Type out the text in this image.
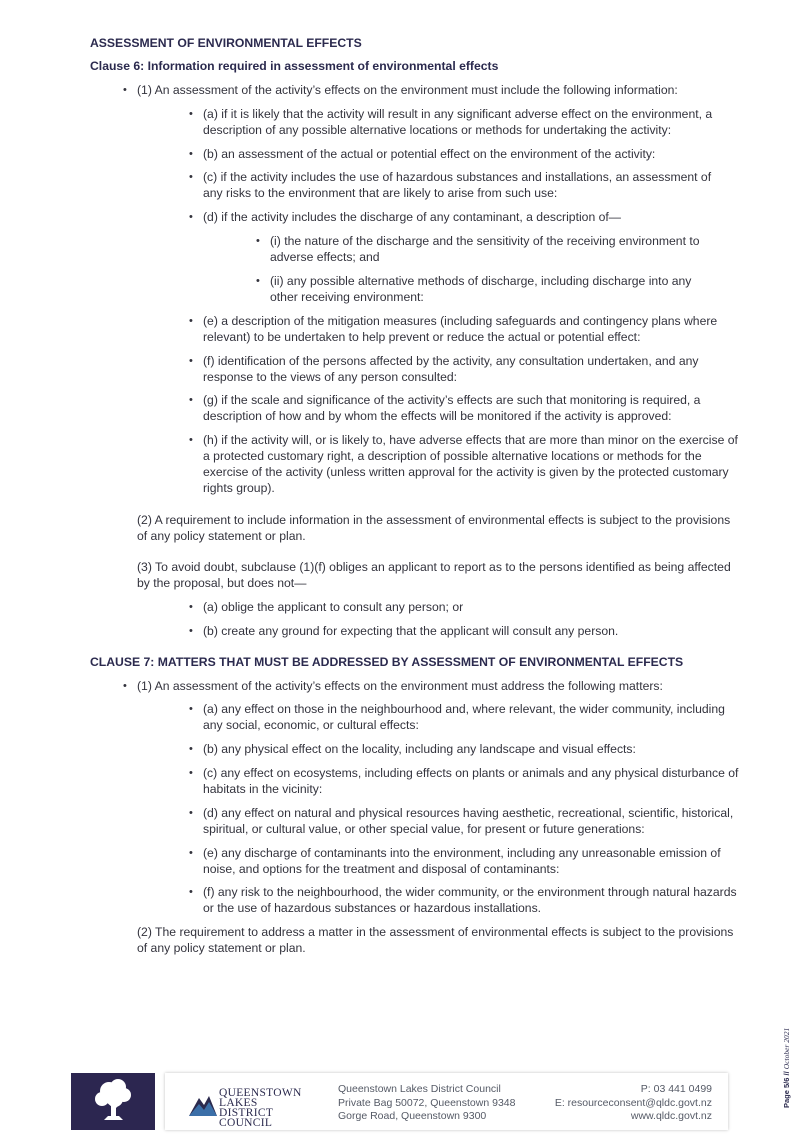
ASSESSMENT OF ENVIRONMENTAL EFFECTS
Clause 6: Information required in assessment of environmental effects
• (1) An assessment of the activity’s effects on the environment must include the following information:
• (a) if it is likely that the activity will result in any significant adverse effect on the environment, a description of any possible alternative locations or methods for undertaking the activity:
• (b) an assessment of the actual or potential effect on the environment of the activity:
• (c) if the activity includes the use of hazardous substances and installations, an assessment of any risks to the environment that are likely to arise from such use:
• (d) if the activity includes the discharge of any contaminant, a description of—
• (i) the nature of the discharge and the sensitivity of the receiving environment to adverse effects; and
• (ii) any possible alternative methods of discharge, including discharge into any other receiving environment:
• (e) a description of the mitigation measures (including safeguards and contingency plans where relevant) to be undertaken to help prevent or reduce the actual or potential effect:
• (f) identification of the persons affected by the activity, any consultation undertaken, and any response to the views of any person consulted:
• (g) if the scale and significance of the activity’s effects are such that monitoring is required, a description of how and by whom the effects will be monitored if the activity is approved:
• (h) if the activity will, or is likely to, have adverse effects that are more than minor on the exercise of a protected customary right, a description of possible alternative locations or methods for the exercise of the activity (unless written approval for the activity is given by the protected customary rights group).
(2) A requirement to include information in the assessment of environmental effects is subject to the provisions of any policy statement or plan.
(3) To avoid doubt, subclause (1)(f) obliges an applicant to report as to the persons identified as being affected by the proposal, but does not—
• (a) oblige the applicant to consult any person; or
• (b) create any ground for expecting that the applicant will consult any person.
CLAUSE 7: MATTERS THAT MUST BE ADDRESSED BY ASSESSMENT OF ENVIRONMENTAL EFFECTS
• (1) An assessment of the activity’s effects on the environment must address the following matters:
• (a) any effect on those in the neighbourhood and, where relevant, the wider community, including any social, economic, or cultural effects:
• (b) any physical effect on the locality, including any landscape and visual effects:
• (c) any effect on ecosystems, including effects on plants or animals and any physical disturbance of habitats in the vicinity:
• (d) any effect on natural and physical resources having aesthetic, recreational, scientific, historical, spiritual, or cultural value, or other special value, for present or future generations:
• (e) any discharge of contaminants into the environment, including any unreasonable emission of noise, and options for the treatment and disposal of contaminants:
• (f) any risk to the neighbourhood, the wider community, or the environment through natural hazards or the use of hazardous substances or hazardous installations.
(2) The requirement to address a matter in the assessment of environmental effects is subject to the provisions of any policy statement or plan.
QUEENSTOWN
LAKES DISTRICT
COUNCIL
Queenstown Lakes District Council
Private Bag 50072, Queenstown 9348
Gorge Road, Queenstown 9300
P: 03 441 0499
E: resourceconsent@qldc.govt.nz
www.qldc.govt.nz
Page 5/6 // October 2021
